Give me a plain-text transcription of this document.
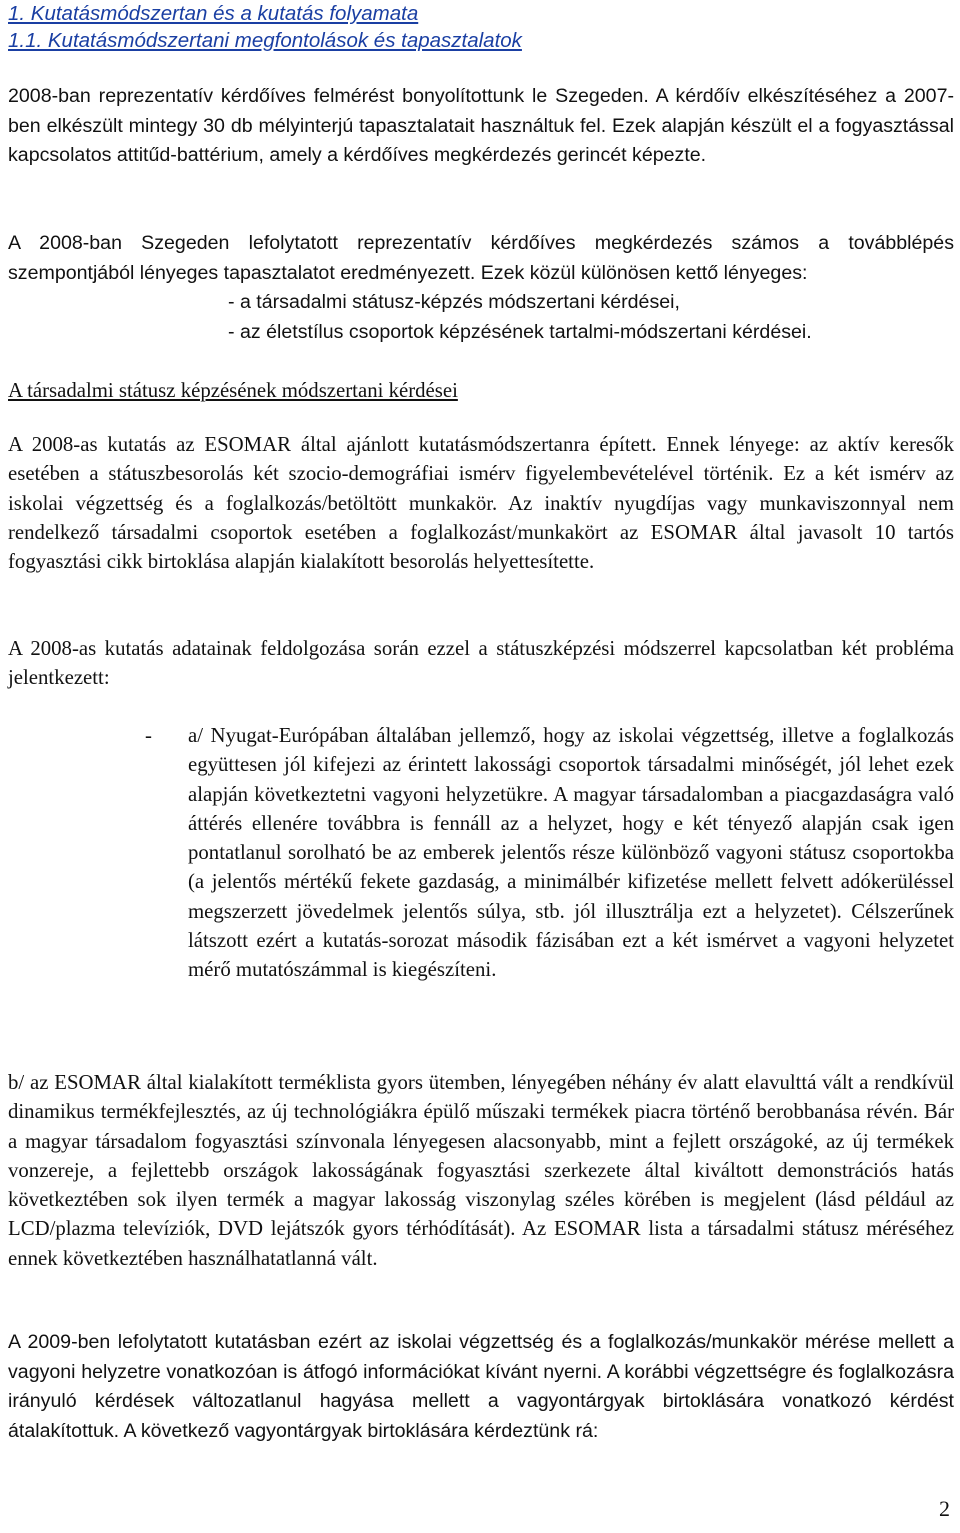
1. Kutatásmódszertan és a kutatás folyamata
1.1. Kutatásmódszertani megfontolások és tapasztalatok

2008-ban reprezentatív kérdőíves felmérést bonyolítottunk le Szegeden. A kérdőív elkészítéséhez a 2007-ben elkészült mintegy 30 db mélyinterjú tapasztalatait használtuk fel. Ezek alapján készült el a fogyasztással kapcsolatos attitűd-battérium, amely a kérdőíves megkérdezés gerincét képezte.

A 2008-ban Szegeden lefolytatott reprezentatív kérdőíves megkérdezés számos a továbblépés szempontjából lényeges tapasztalatot eredményezett. Ezek közül különösen kettő lényeges:

- a társadalmi státusz-képzés módszertani kérdései,
- az életstílus csoportok képzésének tartalmi-módszertani kérdései.

A társadalmi státusz képzésének módszertani kérdései

A 2008-as kutatás az ESOMAR által ajánlott kutatásmódszertanra épített. Ennek lényege: az aktív keresők esetében a státuszbesorolás két szocio-demográfiai ismérv figyelembevételével történik. Ez a két ismérv az iskolai végzettség és a foglalkozás/betöltött munkakör. Az inaktív nyugdíjas vagy munkaviszonnyal nem rendelkező társadalmi csoportok esetében a foglalkozást/munkakört az ESOMAR által javasolt 10 tartós fogyasztási cikk birtoklása alapján kialakított besorolás helyettesítette.

A 2008-as kutatás adatainak feldolgozása során ezzel a státuszképzési módszerrel kapcsolatban két probléma jelentkezett:

- a/ Nyugat-Európában általában jellemző, hogy az iskolai végzettség, illetve a foglalkozás együttesen jól kifejezi az érintett lakossági csoportok társadalmi minőségét, jól lehet ezek alapján következtetni vagyoni helyzetükre. A magyar társadalomban a piacgazdaságra való áttérés ellenére továbbra is fennáll az a helyzet, hogy e két tényező alapján csak igen pontatlanul sorolható be az emberek jelentős része különböző vagyoni státusz csoportokba (a jelentős mértékű fekete gazdaság, a minimálbér kifizetése mellett felvett adókerüléssel megszerzett jövedelmek jelentős súlya, stb. jól illusztrálja ezt a helyzetet). Célszerűnek látszott ezért a kutatás-sorozat második fázisában ezt a két ismérvet a vagyoni helyzetet mérő mutatószámmal is kiegészíteni.

b/ az ESOMAR által kialakított terméklista gyors ütemben, lényegében néhány év alatt elavulttá vált a rendkívül dinamikus termékfejlesztés, az új technológiákra épülő műszaki termékek piacra történő berobbanása révén. Bár a magyar társadalom fogyasztási színvonala lényegesen alacsonyabb, mint a fejlett országoké, az új termékek vonzereje, a fejlettebb országok lakosságának fogyasztási szerkezete által kiváltott demonstrációs hatás következtében sok ilyen termék a magyar lakosság viszonylag széles körében is megjelent (lásd például az LCD/plazma televíziók, DVD lejátszók gyors térhódítását). Az ESOMAR lista a társadalmi státusz méréséhez ennek következtében használhatatlanná vált.

A 2009-ben lefolytatott kutatásban ezért az iskolai végzettség és a foglalkozás/munkakör mérése mellett a vagyoni helyzetre vonatkozóan is átfogó információkat kívánt nyerni. A korábbi végzettségre és foglalkozásra irányuló kérdések változatlanul hagyása mellett a vagyontárgyak birtoklására vonatkozó kérdést átalakítottuk. A következő vagyontárgyak birtoklására kérdeztünk rá:

2
